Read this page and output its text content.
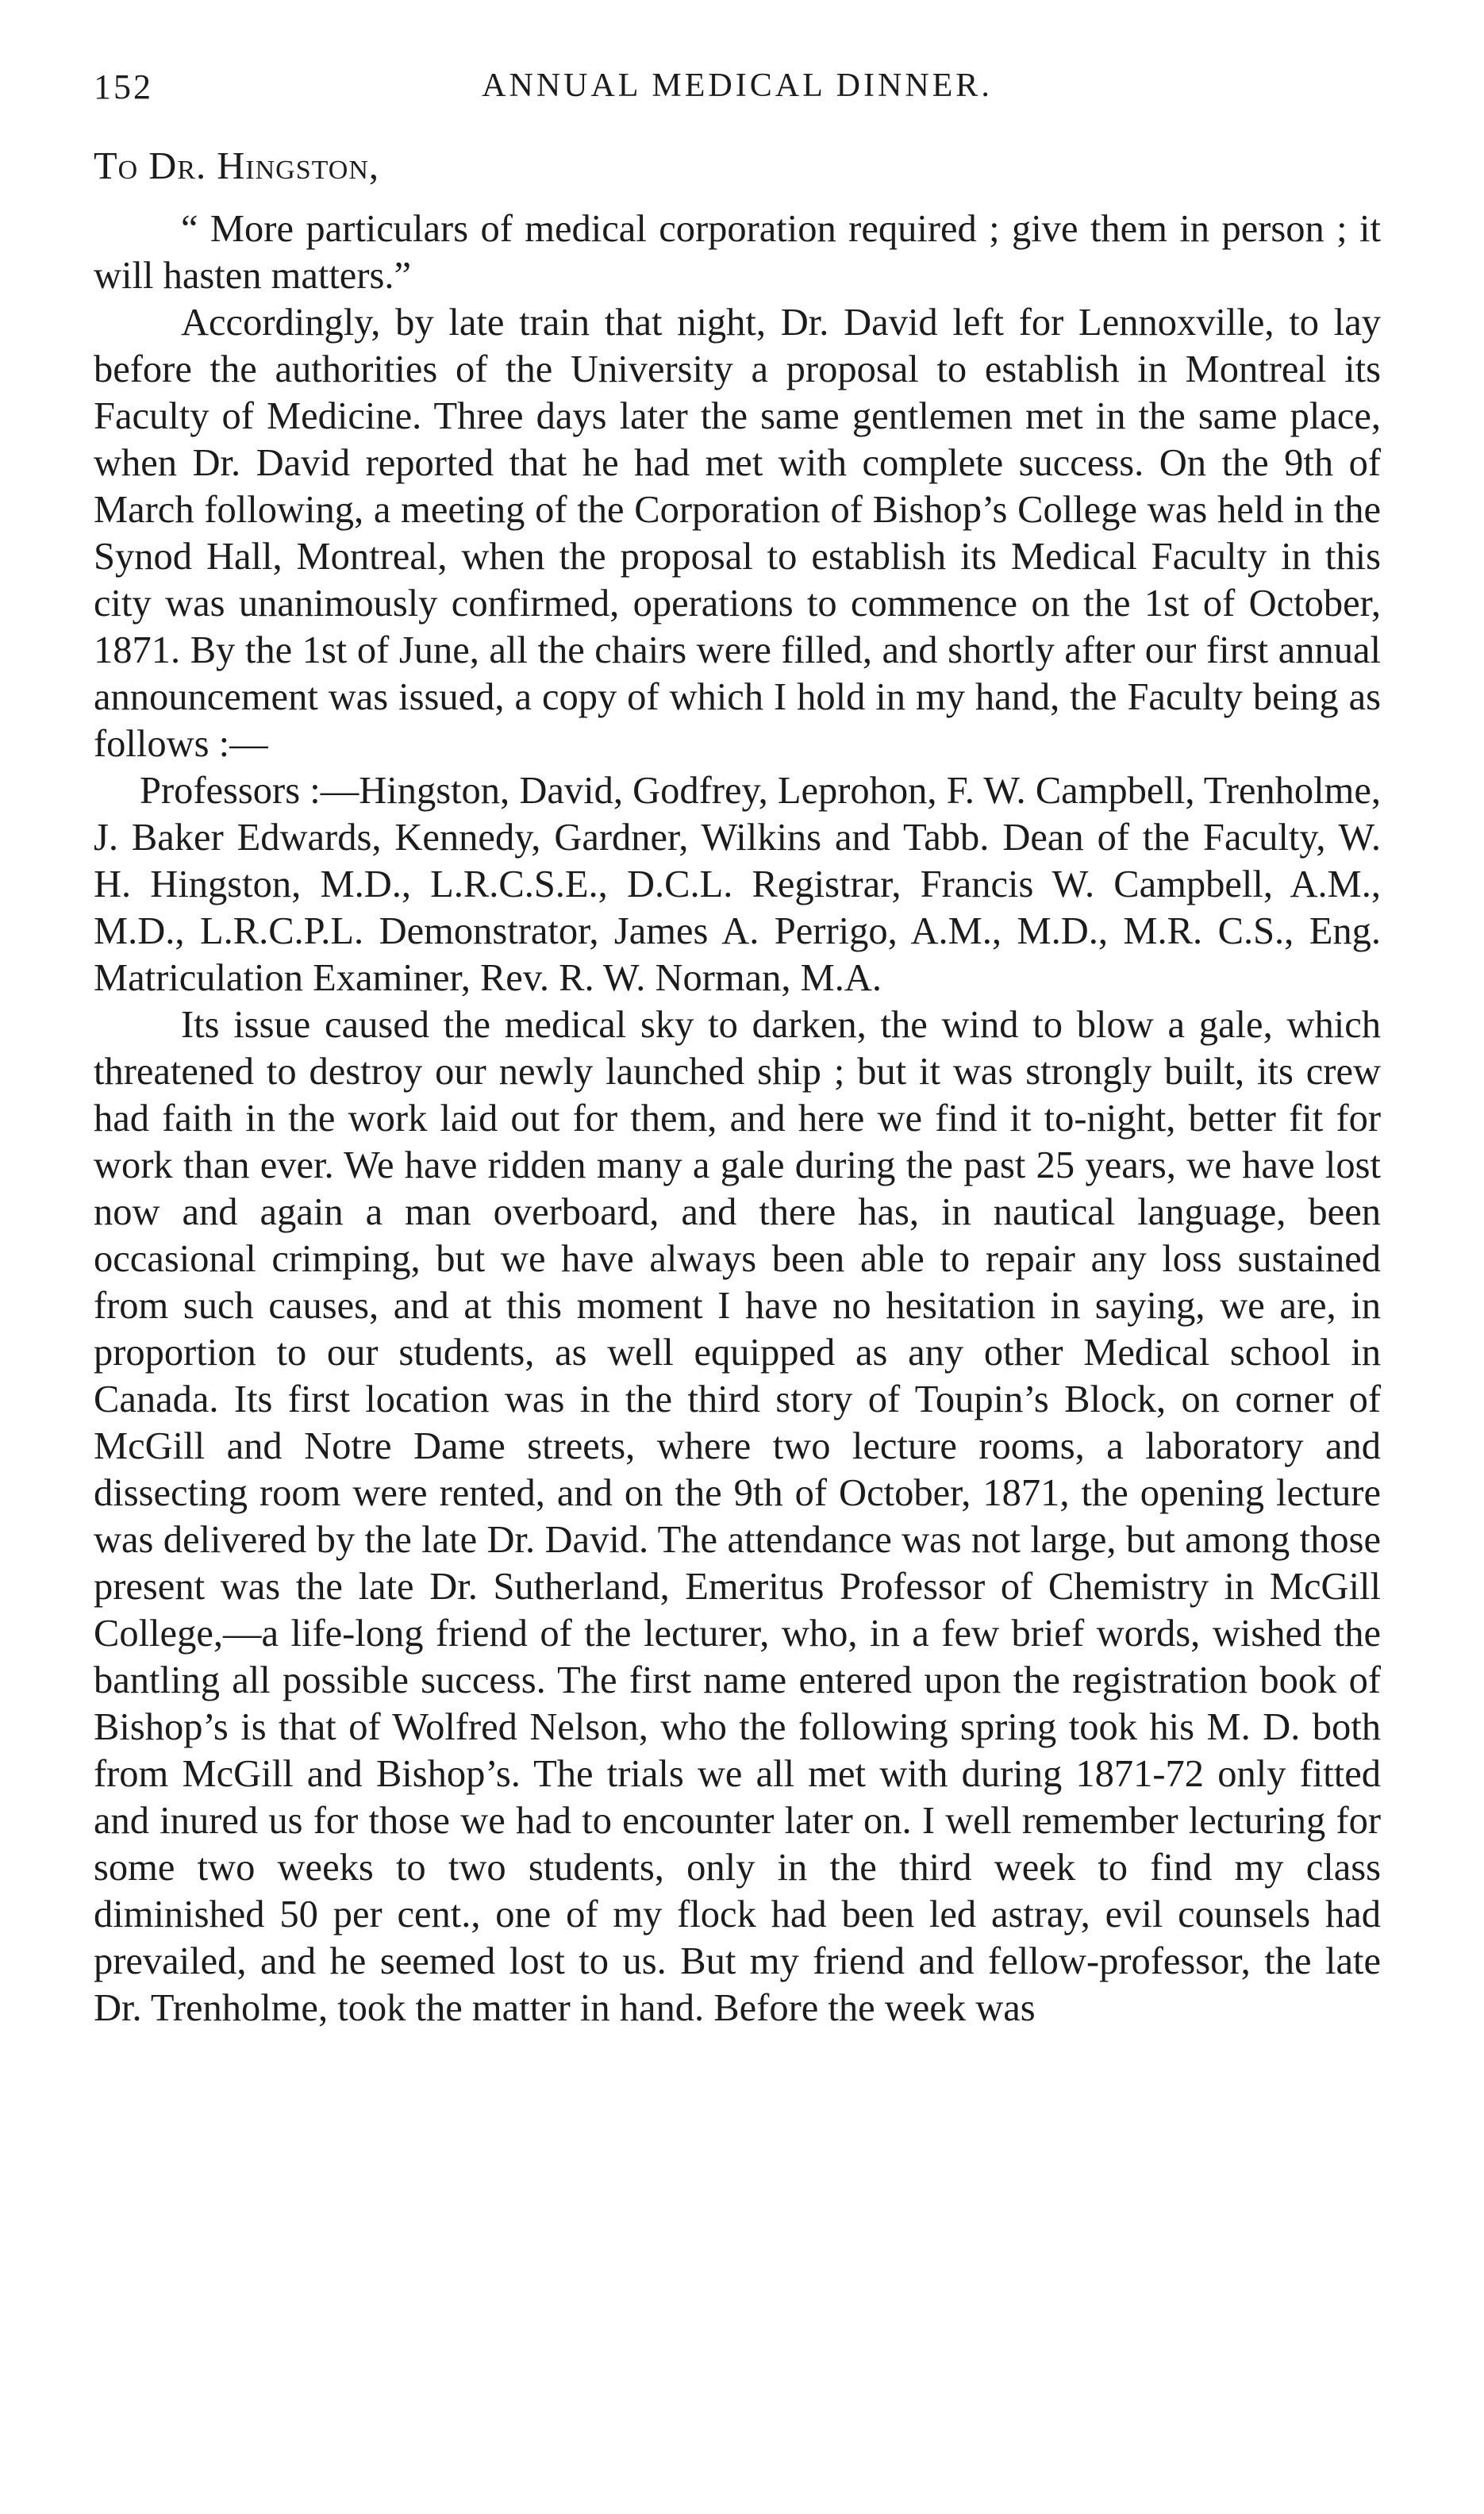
152	ANNUAL MEDICAL DINNER.

To Dr. Hingston,

“ More particulars of medical corporation required ; give them in person ; it will hasten matters.”

Accordingly, by late train that night, Dr. David left for Lennoxville, to lay before the authorities of the University a proposal to establish in Montreal its Faculty of Medicine. Three days later the same gentlemen met in the same place, when Dr. David reported that he had met with complete success. On the 9th of March following, a meeting of the Corporation of Bishop’s College was held in the Synod Hall, Montreal, when the proposal to establish its Medical Faculty in this city was unanimously confirmed, operations to commence on the 1st of October, 1871. By the 1st of June, all the chairs were filled, and shortly after our first annual announcement was issued, a copy of which I hold in my hand, the Faculty being as follows :—

Professors :—Hingston, David, Godfrey, Leprohon, F. W. Campbell, Trenholme, J. Baker Edwards, Kennedy, Gardner, Wilkins and Tabb. Dean of the Faculty, W. H. Hingston, M.D., L.R.C.S.E., D.C.L. Registrar, Francis W. Campbell, A.M., M.D., L.R.C.P.L. Demonstrator, James A. Perrigo, A.M., M.D., M.R. C.S., Eng. Matriculation Examiner, Rev. R. W. Norman, M.A.

Its issue caused the medical sky to darken, the wind to blow a gale, which threatened to destroy our newly launched ship ; but it was strongly built, its crew had faith in the work laid out for them, and here we find it to-night, better fit for work than ever. We have ridden many a gale during the past 25 years, we have lost now and again a man overboard, and there has, in nautical language, been occasional crimping, but we have always been able to repair any loss sustained from such causes, and at this moment I have no hesitation in saying, we are, in proportion to our students, as well equipped as any other Medical school in Canada. Its first location was in the third story of Toupin’s Block, on corner of McGill and Notre Dame streets, where two lecture rooms, a laboratory and dissecting room were rented, and on the 9th of October, 1871, the opening lecture was delivered by the late Dr. David. The attendance was not large, but among those present was the late Dr. Sutherland, Emeritus Professor of Chemistry in McGill College,—a life-long friend of the lecturer, who, in a few brief words, wished the bantling all possible success. The first name entered upon the registration book of Bishop’s is that of Wolfred Nelson, who the following spring took his M. D. both from McGill and Bishop’s. The trials we all met with during 1871-72 only fitted and inured us for those we had to encounter later on. I well remember lecturing for some two weeks to two students, only in the third week to find my class diminished 50 per cent., one of my flock had been led astray, evil counsels had prevailed, and he seemed lost to us. But my friend and fellow-professor, the late Dr. Trenholme, took the matter in hand. Before the week was
